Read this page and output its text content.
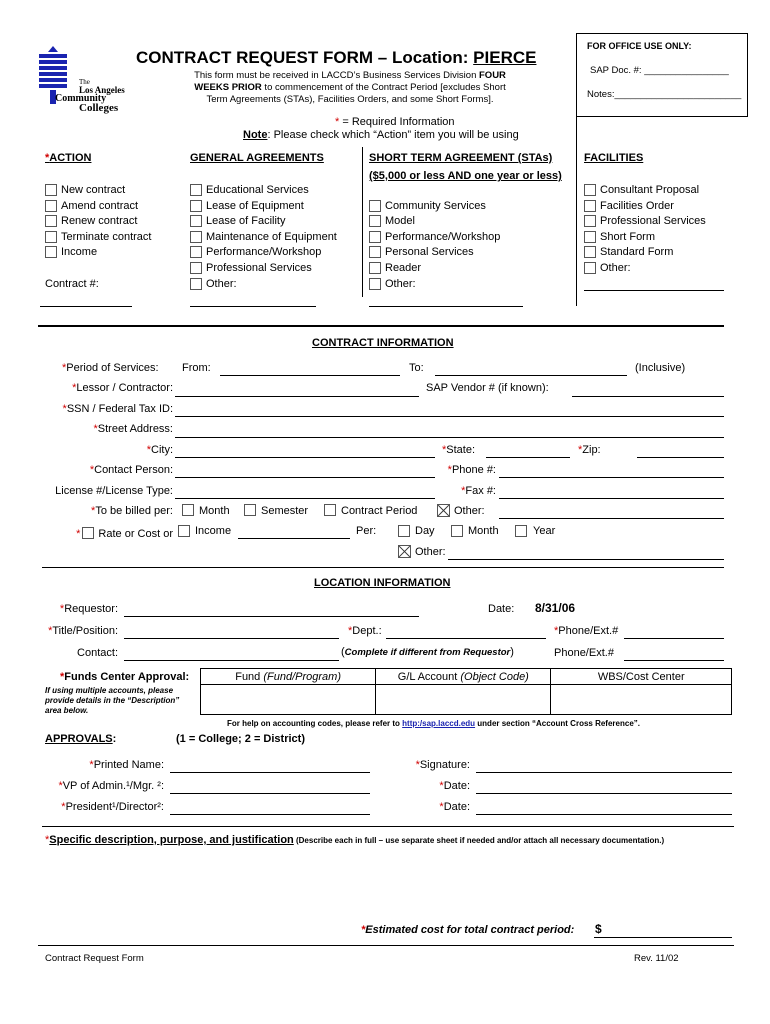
The
Los Angeles
Community
Colleges
CONTRACT REQUEST FORM – Location: PIERCE
This form must be received in LACCD’s Business Services Division FOUR
WEEKS PRIOR to commencement of the Contract Period [excludes Short
Term Agreements (STAs), Facilities Orders, and some Short Forms].
FOR OFFICE USE ONLY:
SAP Doc. #: ________________
Notes:________________________
* = Required Information
Note: Please check which “Action” item you will be using
*ACTION
New contract
Amend contract
Renew contract
Terminate contract
Income
Contract #:
GENERAL AGREEMENTS
Educational Services
Lease of Equipment
Lease of Facility
Maintenance of Equipment
Performance/Workshop
Professional Services
Other:
SHORT TERM AGREEMENT (STAs)
($5,000 or less AND one year or less)
Community Services
Model
Performance/Workshop
Personal Services
Reader
Other:
FACILITIES
Consultant Proposal
Facilities Order
Professional Services
Short Form
Standard Form
Other:
CONTRACT INFORMATION
*Period of Services: From:	To:	(Inclusive)
*Lessor / Contractor:	SAP Vendor # (if known):
*SSN / Federal Tax ID:
*Street Address:
*City:	*State:	*Zip:
*Contact Person:	*Phone #:
License #/License Type:	*Fax #:
*To be billed per: Month	Semester	Contract Period	Other:
* Rate or Cost or Income	Per:	Day	Month	Year
Other:
LOCATION INFORMATION
*Requestor:	Date: 8/31/06
*Title/Position:	*Dept.:	*Phone/Ext.#
Contact:	(Complete if different from Requestor)	Phone/Ext.#
*Funds Center Approval:
If using multiple accounts, please
provide details in the “Description”
area below.
Fund (Fund/Program)	G/L Account (Object Code)	WBS/Cost Center

For help on accounting codes, please refer to http:/sap.laccd.edu under section “Account Cross Reference”.
APPROVALS:	(1 = College; 2 = District)
*Printed Name:	*Signature:
*VP of Admin.¹/Mgr. ²:	*Date:
*President¹/Director²:	*Date:
*Specific description, purpose, and justification (Describe each in full – use separate sheet if needed and/or attach all necessary documentation.)
*Estimated cost for total contract period: $
Contract Request Form	Rev. 11/02
